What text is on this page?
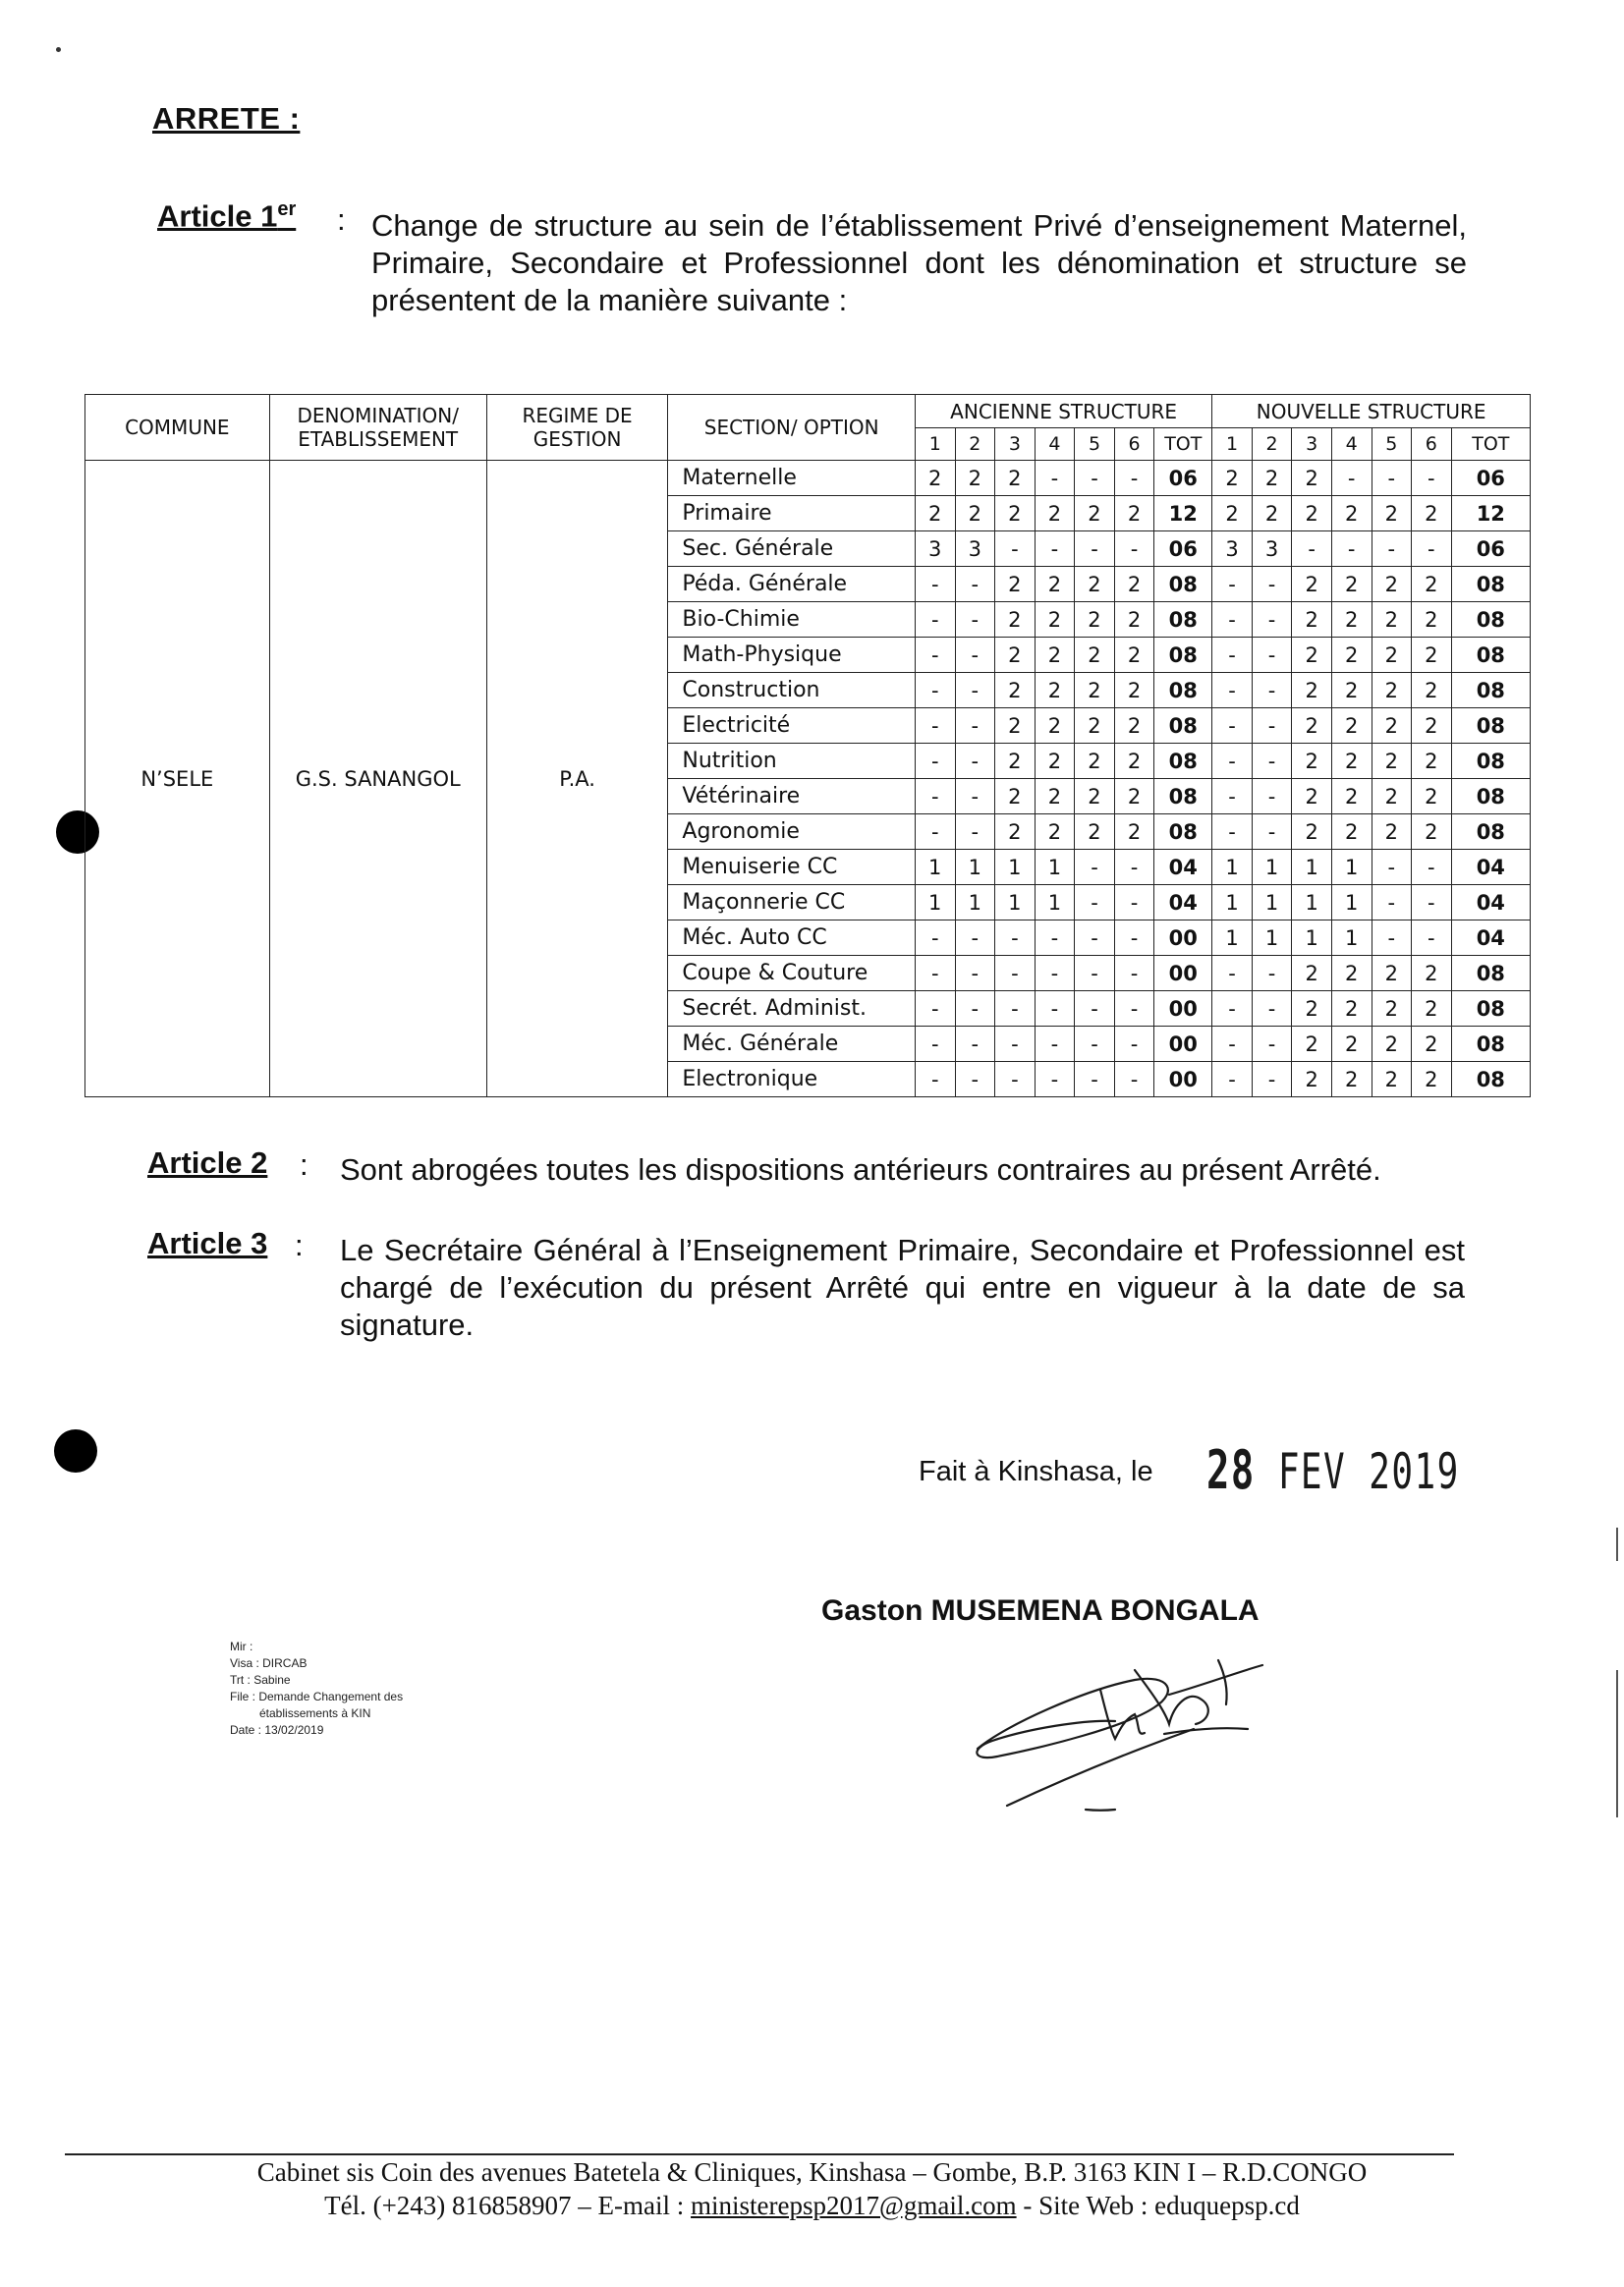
ARRETE :
Article 1er : Change de structure au sein de l’établissement Privé d’enseignement Maternel, Primaire, Secondaire et Professionnel dont les dénomination et structure se présentent de la manière suivante :
COMMUNE	DENOMINATION/ ETABLISSEMENT	REGIME DE GESTION	SECTION/ OPTION	ANCIENNE STRUCTURE							NOUVELLE STRUCTURE						
				1	2	3	4	5	6	TOT	1	2	3	4	5	6	TOT
N’SELE	G.S. SANANGOL	P.A.	Maternelle	2	2	2	-	-	-	06	2	2	2	-	-	-	06
			Primaire	2	2	2	2	2	2	12	2	2	2	2	2	2	12
			Sec. Générale	3	3	-	-	-	-	06	3	3	-	-	-	-	06
			Péda. Générale	-	-	2	2	2	2	08	-	-	2	2	2	2	08
			Bio-Chimie	-	-	2	2	2	2	08	-	-	2	2	2	2	08
			Math-Physique	-	-	2	2	2	2	08	-	-	2	2	2	2	08
			Construction	-	-	2	2	2	2	08	-	-	2	2	2	2	08
			Electricité	-	-	2	2	2	2	08	-	-	2	2	2	2	08
			Nutrition	-	-	2	2	2	2	08	-	-	2	2	2	2	08
			Vétérinaire	-	-	2	2	2	2	08	-	-	2	2	2	2	08
			Agronomie	-	-	2	2	2	2	08	-	-	2	2	2	2	08
			Menuiserie CC	1	1	1	1	-	-	04	1	1	1	1	-	-	04
			Maçonnerie CC	1	1	1	1	-	-	04	1	1	1	1	-	-	04
			Méc. Auto CC	-	-	-	-	-	-	00	1	1	1	1	-	-	04
			Coupe & Couture	-	-	-	-	-	-	00	-	-	2	2	2	2	08
			Secrét. Administ.	-	-	-	-	-	-	00	-	-	2	2	2	2	08
			Méc. Générale	-	-	-	-	-	-	00	-	-	2	2	2	2	08
			Electronique	-	-	-	-	-	-	00	-	-	2	2	2	2	08
Article 2 : Sont abrogées toutes les dispositions antérieurs contraires au présent Arrêté.
Article 3 : Le Secrétaire Général à l’Enseignement Primaire, Secondaire et Professionnel est chargé de l’exécution du présent Arrêté qui entre en vigueur à la date de sa signature.
Fait à Kinshasa, le 28 FEV 2019
Gaston MUSEMENA BONGALA
Mir :
Visa : DIRCAB
Trt : Sabine
File : Demande Changement des
établissements à KIN
Date : 13/02/2019
Cabinet sis Coin des avenues Batetela & Cliniques, Kinshasa – Gombe, B.P. 3163 KIN I – R.D.CONGO
Tél. (+243) 816858907 – E-mail : ministerepsp2017@gmail.com - Site Web : eduquepsp.cd
